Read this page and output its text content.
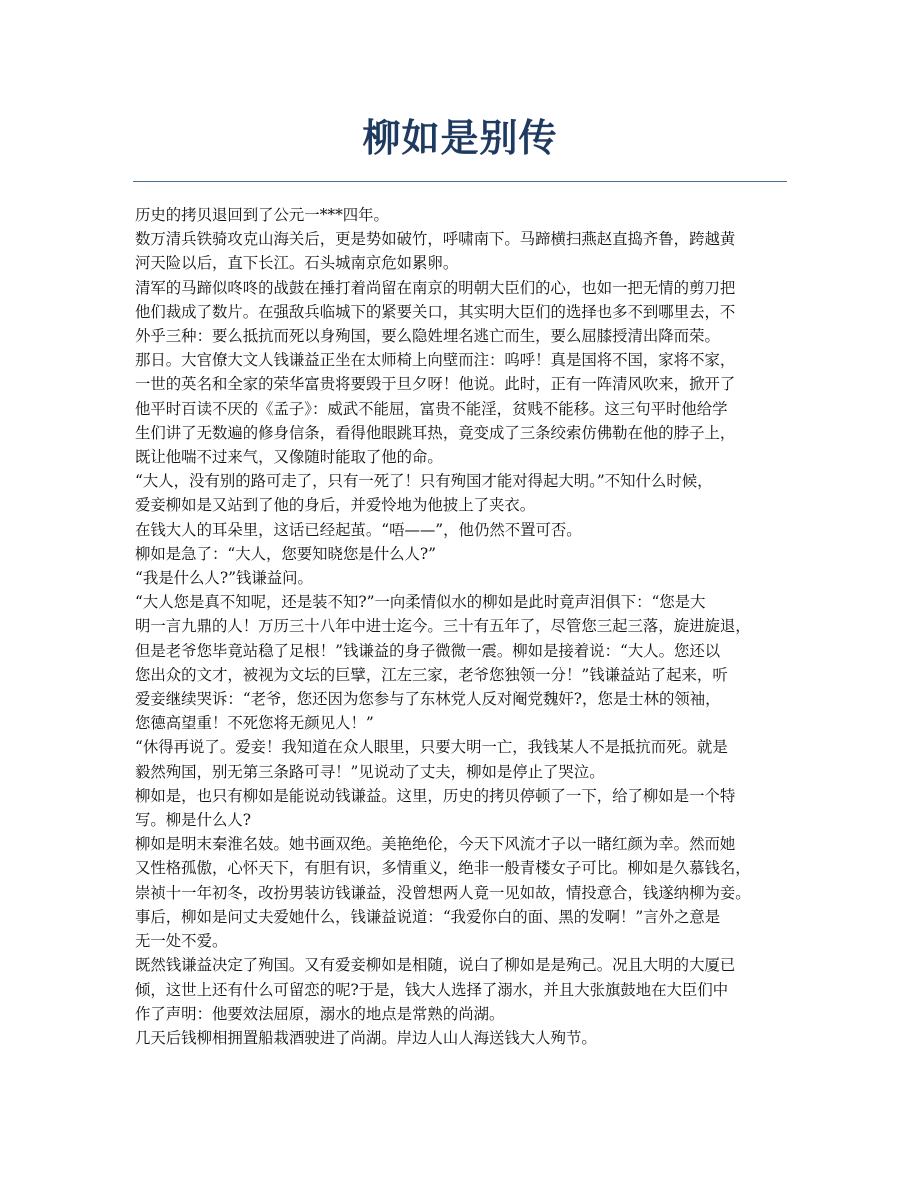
柳如是别传
历史的拷贝退回到了公元一***四年。
数万清兵铁骑攻克山海关后，更是势如破竹，呼啸南下。马蹄横扫燕赵直捣齐鲁，跨越黄
河天险以后，直下长江。石头城南京危如累卵。
清军的马蹄似咚咚的战鼓在捶打着尚留在南京的明朝大臣们的心，也如一把无情的剪刀把
他们裁成了数片。在强敌兵临城下的紧要关口，其实明大臣们的选择也多不到哪里去，不
外乎三种：要么抵抗而死以身殉国，要么隐姓埋名逃亡而生，要么屈膝授清出降而荣。
那日。大官僚大文人钱谦益正坐在太师椅上向壁而注：呜呼！真是国将不国，家将不家，
一世的英名和全家的荣华富贵将要毁于旦夕呀！他说。此时，正有一阵清风吹来，掀开了
他平时百读不厌的《孟子》：威武不能屈，富贵不能淫，贫贱不能移。这三句平时他给学
生们讲了无数遍的修身信条，看得他眼跳耳热，竟变成了三条绞索仿佛勒在他的脖子上，
既让他喘不过来气，又像随时能取了他的命。
“大人，没有别的路可走了，只有一死了！只有殉国才能对得起大明。”不知什么时候，
爱妾柳如是又站到了他的身后，并爱怜地为他披上了夹衣。
在钱大人的耳朵里，这话已经起茧。“唔——”，他仍然不置可否。
柳如是急了：“大人，您要知晓您是什么人?”
“我是什么人?”钱谦益问。
“大人您是真不知呢，还是装不知?”一向柔情似水的柳如是此时竟声泪俱下：“您是大
明一言九鼎的人！万历三十八年中进士迄今。三十有五年了，尽管您三起三落，旋进旋退，
但是老爷您毕竟站稳了足根！”钱谦益的身子微微一震。柳如是接着说：“大人。您还以
您出众的文才，被视为文坛的巨擘，江左三家，老爷您独领一分！”钱谦益站了起来，听
爱妾继续哭诉：“老爷，您还因为您参与了东林党人反对阉党魏奸?，您是士林的领袖，
您德高望重！不死您将无颜见人！”
“休得再说了。爱妾！我知道在众人眼里，只要大明一亡，我钱某人不是抵抗而死。就是
毅然殉国，别无第三条路可寻！”见说动了丈夫，柳如是停止了哭泣。
柳如是，也只有柳如是能说动钱谦益。这里，历史的拷贝停顿了一下，给了柳如是一个特
写。柳是什么人?
柳如是明末秦淮名妓。她书画双绝。美艳绝伦，今天下风流才子以一睹红颜为幸。然而她
又性格孤傲，心怀天下，有胆有识，多情重义，绝非一般青楼女子可比。柳如是久慕钱名，
崇祯十一年初冬，改扮男装访钱谦益，没曾想两人竟一见如故，情投意合，钱遂纳柳为妾。
事后，柳如是问丈夫爱她什么，钱谦益说道：“我爱你白的面、黑的发啊！”言外之意是
无一处不爱。
既然钱谦益决定了殉国。又有爱妾柳如是相随，说白了柳如是是殉己。况且大明的大厦已
倾，这世上还有什么可留恋的呢?于是，钱大人选择了溺水，并且大张旗鼓地在大臣们中
作了声明：他要效法屈原，溺水的地点是常熟的尚湖。
几天后钱柳相拥置船栽酒驶进了尚湖。岸边人山人海送钱大人殉节。
